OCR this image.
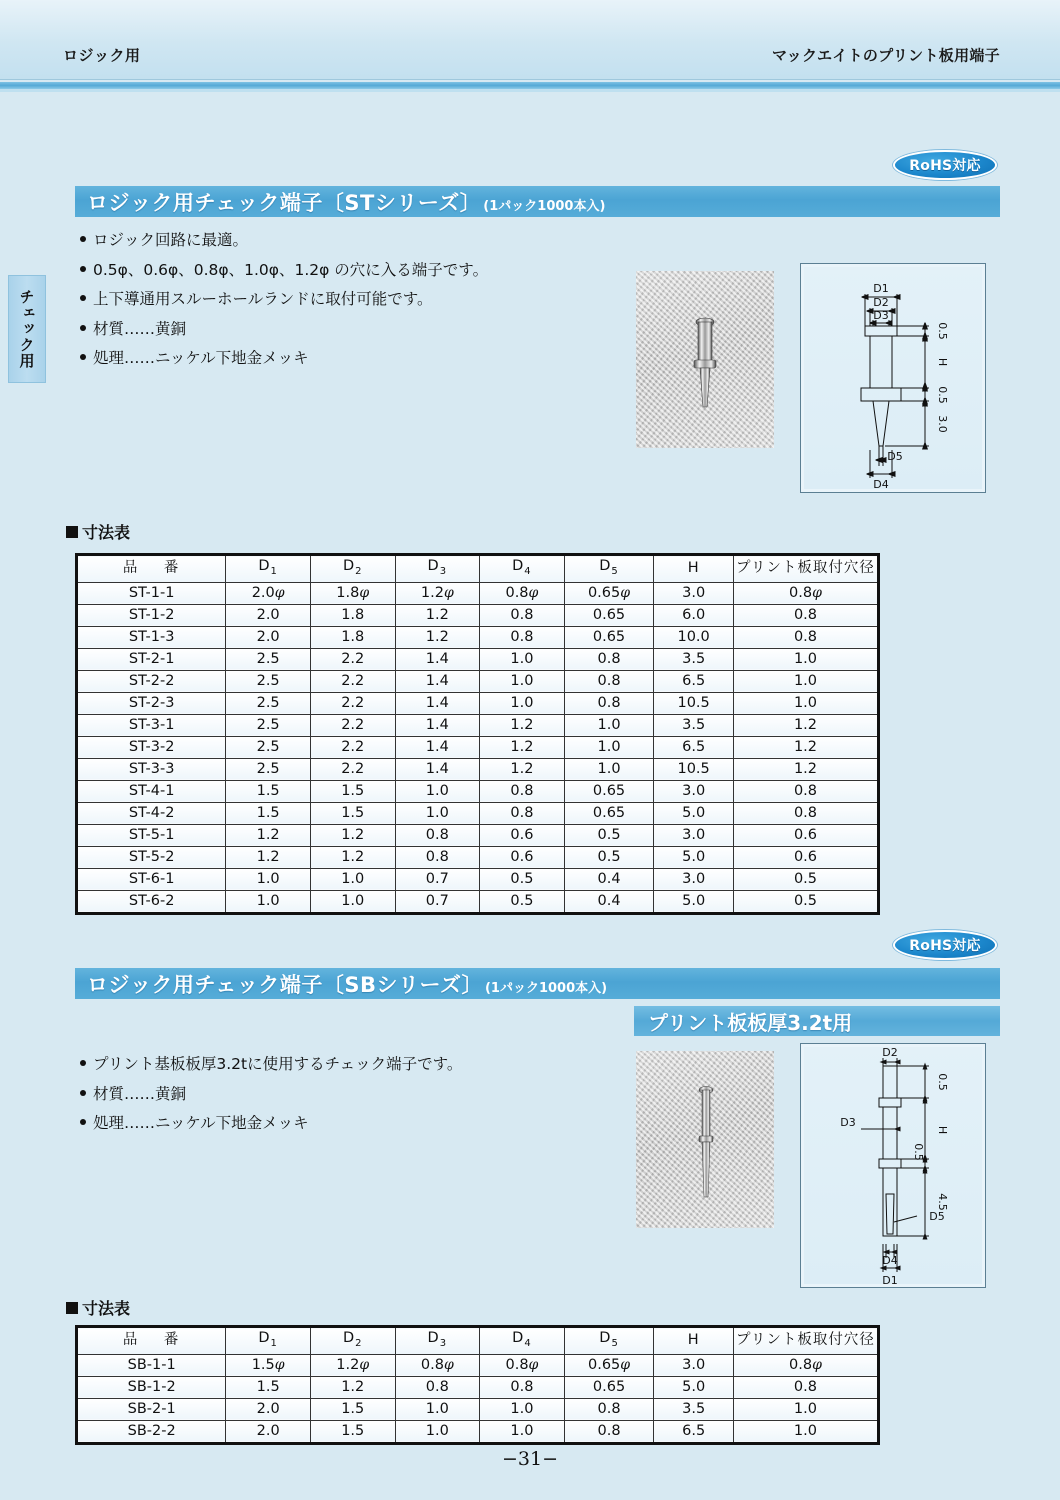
ロジック用	マックエイトのプリント板用端子
チェック用
RoHS対応
ロジック用チェック端子〔STシリーズ〕 (1パック1000本入)
ロジック回路に最適。
0.5φ、0.6φ、0.8φ、1.0φ、1.2φ の穴に入る端子です。
上下導通用スルーホールランドに取付可能です。
材質……黄銅
処理……ニッケル下地金メッキ
D1
D2
D3
D5
D4
0.5
H
0.5
3.0
寸法表
品　番	$D_1$	$D_2$	$D_3$	$D_4$	$D_5$	H	プリント板取付穴径
ST-1-1	2.0φ	1.8φ	1.2φ	0.8φ	0.65φ	3.0	0.8φ
ST-1-2	2.0	1.8	1.2	0.8	0.65	6.0	0.8
ST-1-3	2.0	1.8	1.2	0.8	0.65	10.0	0.8
ST-2-1	2.5	2.2	1.4	1.0	0.8	3.5	1.0
ST-2-2	2.5	2.2	1.4	1.0	0.8	6.5	1.0
ST-2-3	2.5	2.2	1.4	1.0	0.8	10.5	1.0
ST-3-1	2.5	2.2	1.4	1.2	1.0	3.5	1.2
ST-3-2	2.5	2.2	1.4	1.2	1.0	6.5	1.2
ST-3-3	2.5	2.2	1.4	1.2	1.0	10.5	1.2
ST-4-1	1.5	1.5	1.0	0.8	0.65	3.0	0.8
ST-4-2	1.5	1.5	1.0	0.8	0.65	5.0	0.8
ST-5-1	1.2	1.2	0.8	0.6	0.5	3.0	0.6
ST-5-2	1.2	1.2	0.8	0.6	0.5	5.0	0.6
ST-6-1	1.0	1.0	0.7	0.5	0.4	3.0	0.5
ST-6-2	1.0	1.0	0.7	0.5	0.4	5.0	0.5
RoHS対応
ロジック用チェック端子〔SBシリーズ〕 (1パック1000本入)
プリント板板厚3.2t用
プリント基板板厚3.2tに使用するチェック端子です。
材質……黄銅
処理……ニッケル下地金メッキ
D2
D3
D5
D4
D1
0.5
H
0.5
4.5
寸法表
品　番	$D_1$	$D_2$	$D_3$	$D_4$	$D_5$	H	プリント板取付穴径
SB-1-1	1.5φ	1.2φ	0.8φ	0.8φ	0.65φ	3.0	0.8φ
SB-1-2	1.5	1.2	0.8	0.8	0.65	5.0	0.8
SB-2-1	2.0	1.5	1.0	1.0	0.8	3.5	1.0
SB-2-2	2.0	1.5	1.0	1.0	0.8	6.5	1.0
−31−
